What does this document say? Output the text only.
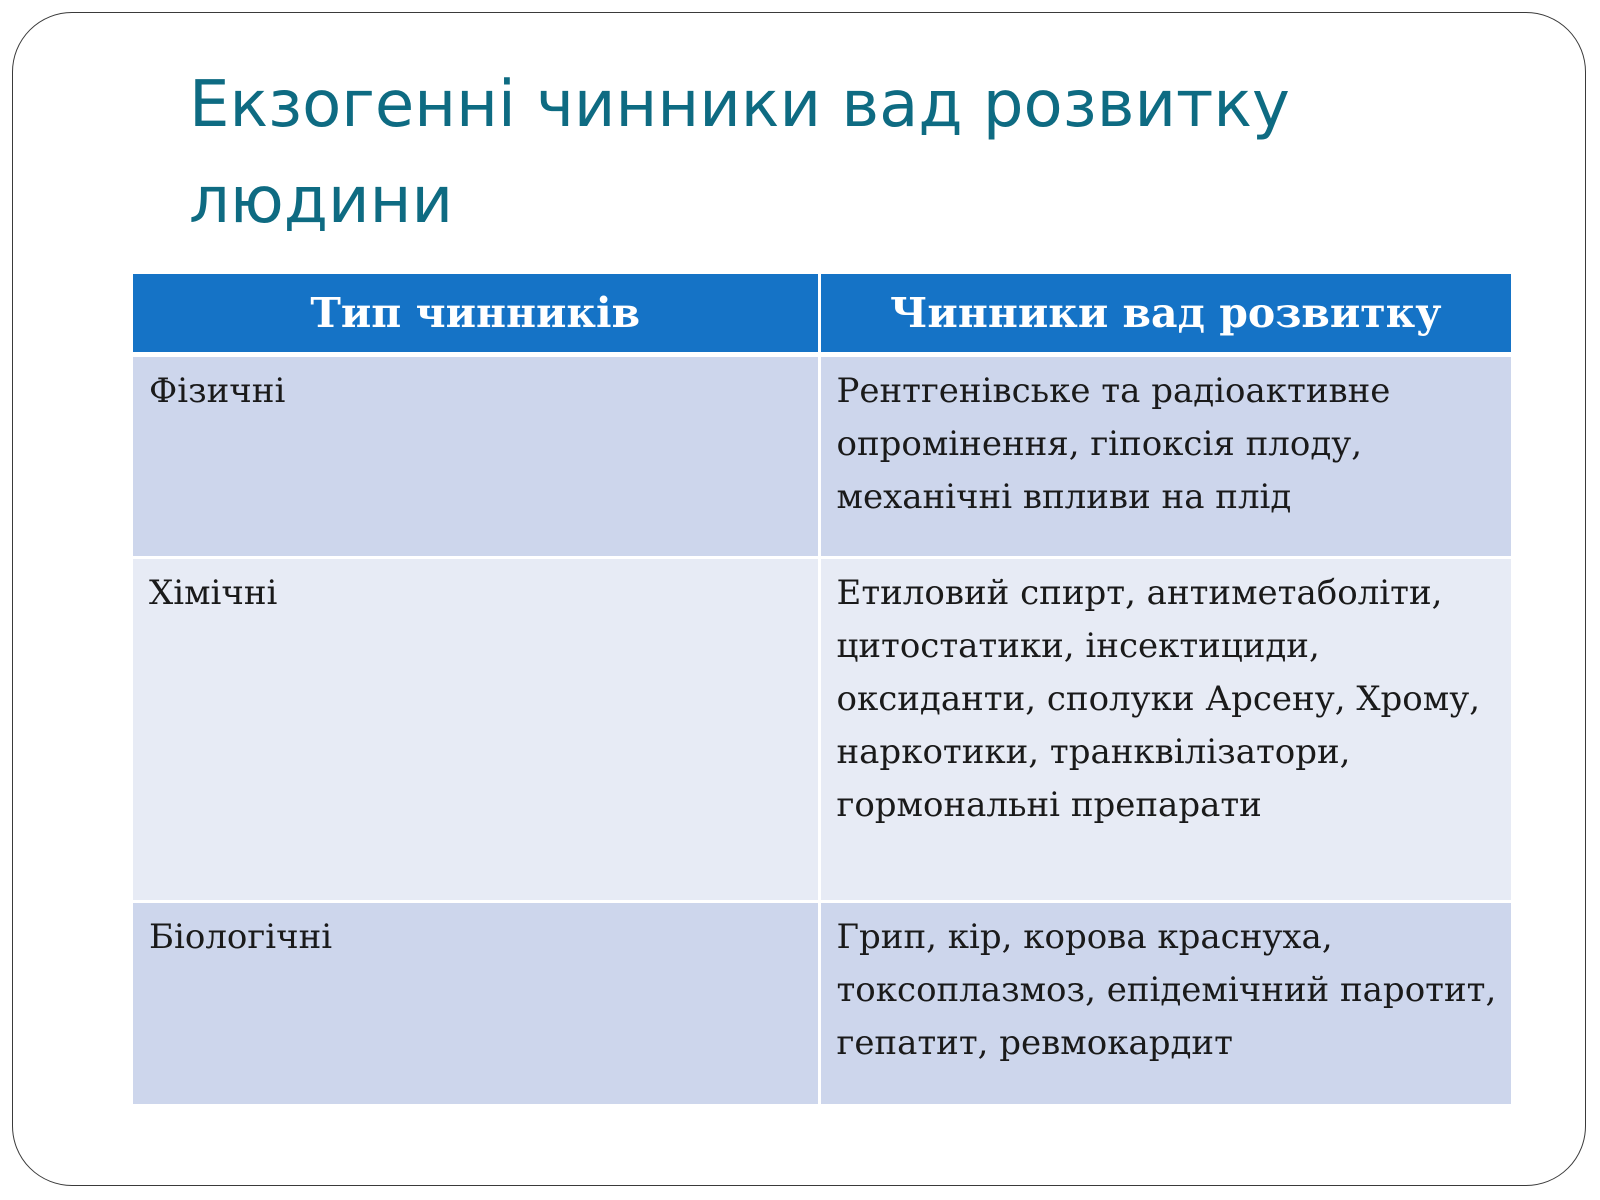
Екзогенні чинники вад розвитку
людини
Тип чинників	Чинники вад розвитку
Фізичні	Рентгенівське та радіоактивне опромінення, гіпоксія плоду, механічні впливи на плід
Хімічні	Етиловий спирт, антиметаболіти, цитостатики, інсектициди, оксиданти, сполуки Арсену, Хрому, наркотики, транквілізатори, гормональні препарати
Біологічні	Грип, кір, корова краснуха, токсоплазмоз, епідемічний паротит, гепатит, ревмокардит
